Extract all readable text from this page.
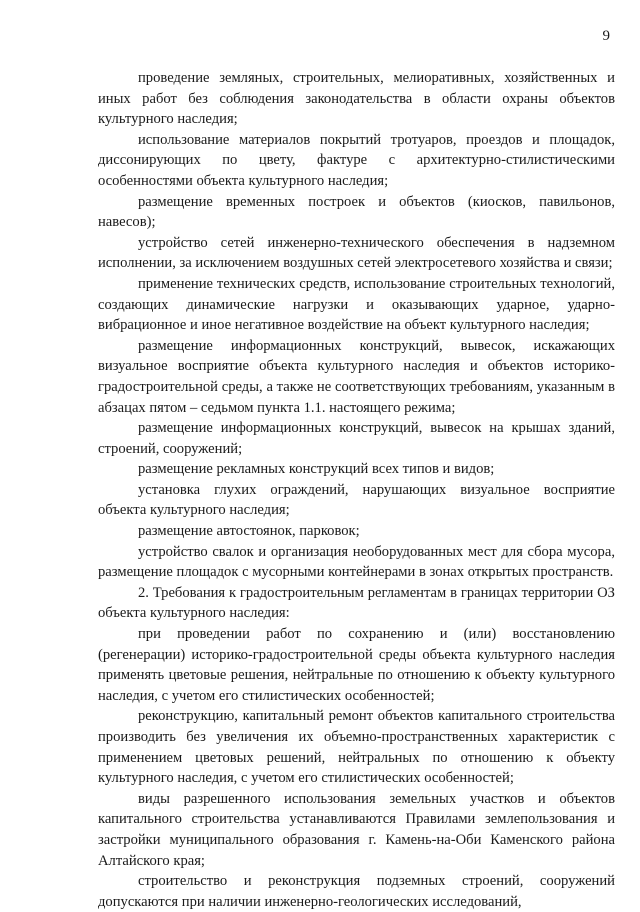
9

проведение земляных, строительных, мелиоративных, хозяйственных и иных работ без соблюдения законодательства в области охраны объектов культурного наследия;

использование материалов покрытий тротуаров, проездов и площадок, диссонирующих по цвету, фактуре с архитектурно-стилистическими особенностями объекта культурного наследия;

размещение временных построек и объектов (киосков, павильонов, навесов);

устройство сетей инженерно-технического обеспечения в надземном исполнении, за исключением воздушных сетей электросетевого хозяйства и связи;

применение технических средств, использование строительных технологий, создающих динамические нагрузки и оказывающих ударное, ударно-вибрационное и иное негативное воздействие на объект культурного наследия;

размещение информационных конструкций, вывесок, искажающих визуальное восприятие объекта культурного наследия и объектов историко-градостроительной среды, а также не соответствующих требованиям, указанным в абзацах пятом – седьмом пункта 1.1. настоящего режима;

размещение информационных конструкций, вывесок на крышах зданий, строений, сооружений;

размещение рекламных конструкций всех типов и видов;

установка глухих ограждений, нарушающих визуальное восприятие объекта культурного наследия;

размещение автостоянок, парковок;

устройство свалок и организация необорудованных мест для сбора мусора, размещение площадок с мусорными контейнерами в зонах открытых пространств.

2. Требования к градостроительным регламентам в границах территории ОЗ объекта культурного наследия:

при проведении работ по сохранению и (или) восстановлению (регенерации) историко-градостроительной среды объекта культурного наследия применять цветовые решения, нейтральные по отношению к объекту культурного наследия, с учетом его стилистических особенностей;

реконструкцию, капитальный ремонт объектов капитального строительства производить без увеличения их объемно-пространственных характеристик с применением цветовых решений, нейтральных по отношению к объекту культурного наследия, с учетом его стилистических особенностей;

виды разрешенного использования земельных участков и объектов капитального строительства устанавливаются Правилами землепользования и застройки муниципального образования г. Камень-на-Оби Каменского района Алтайского края;

строительство и реконструкция подземных строений, сооружений допускаются при наличии инженерно-геологических исследований,
